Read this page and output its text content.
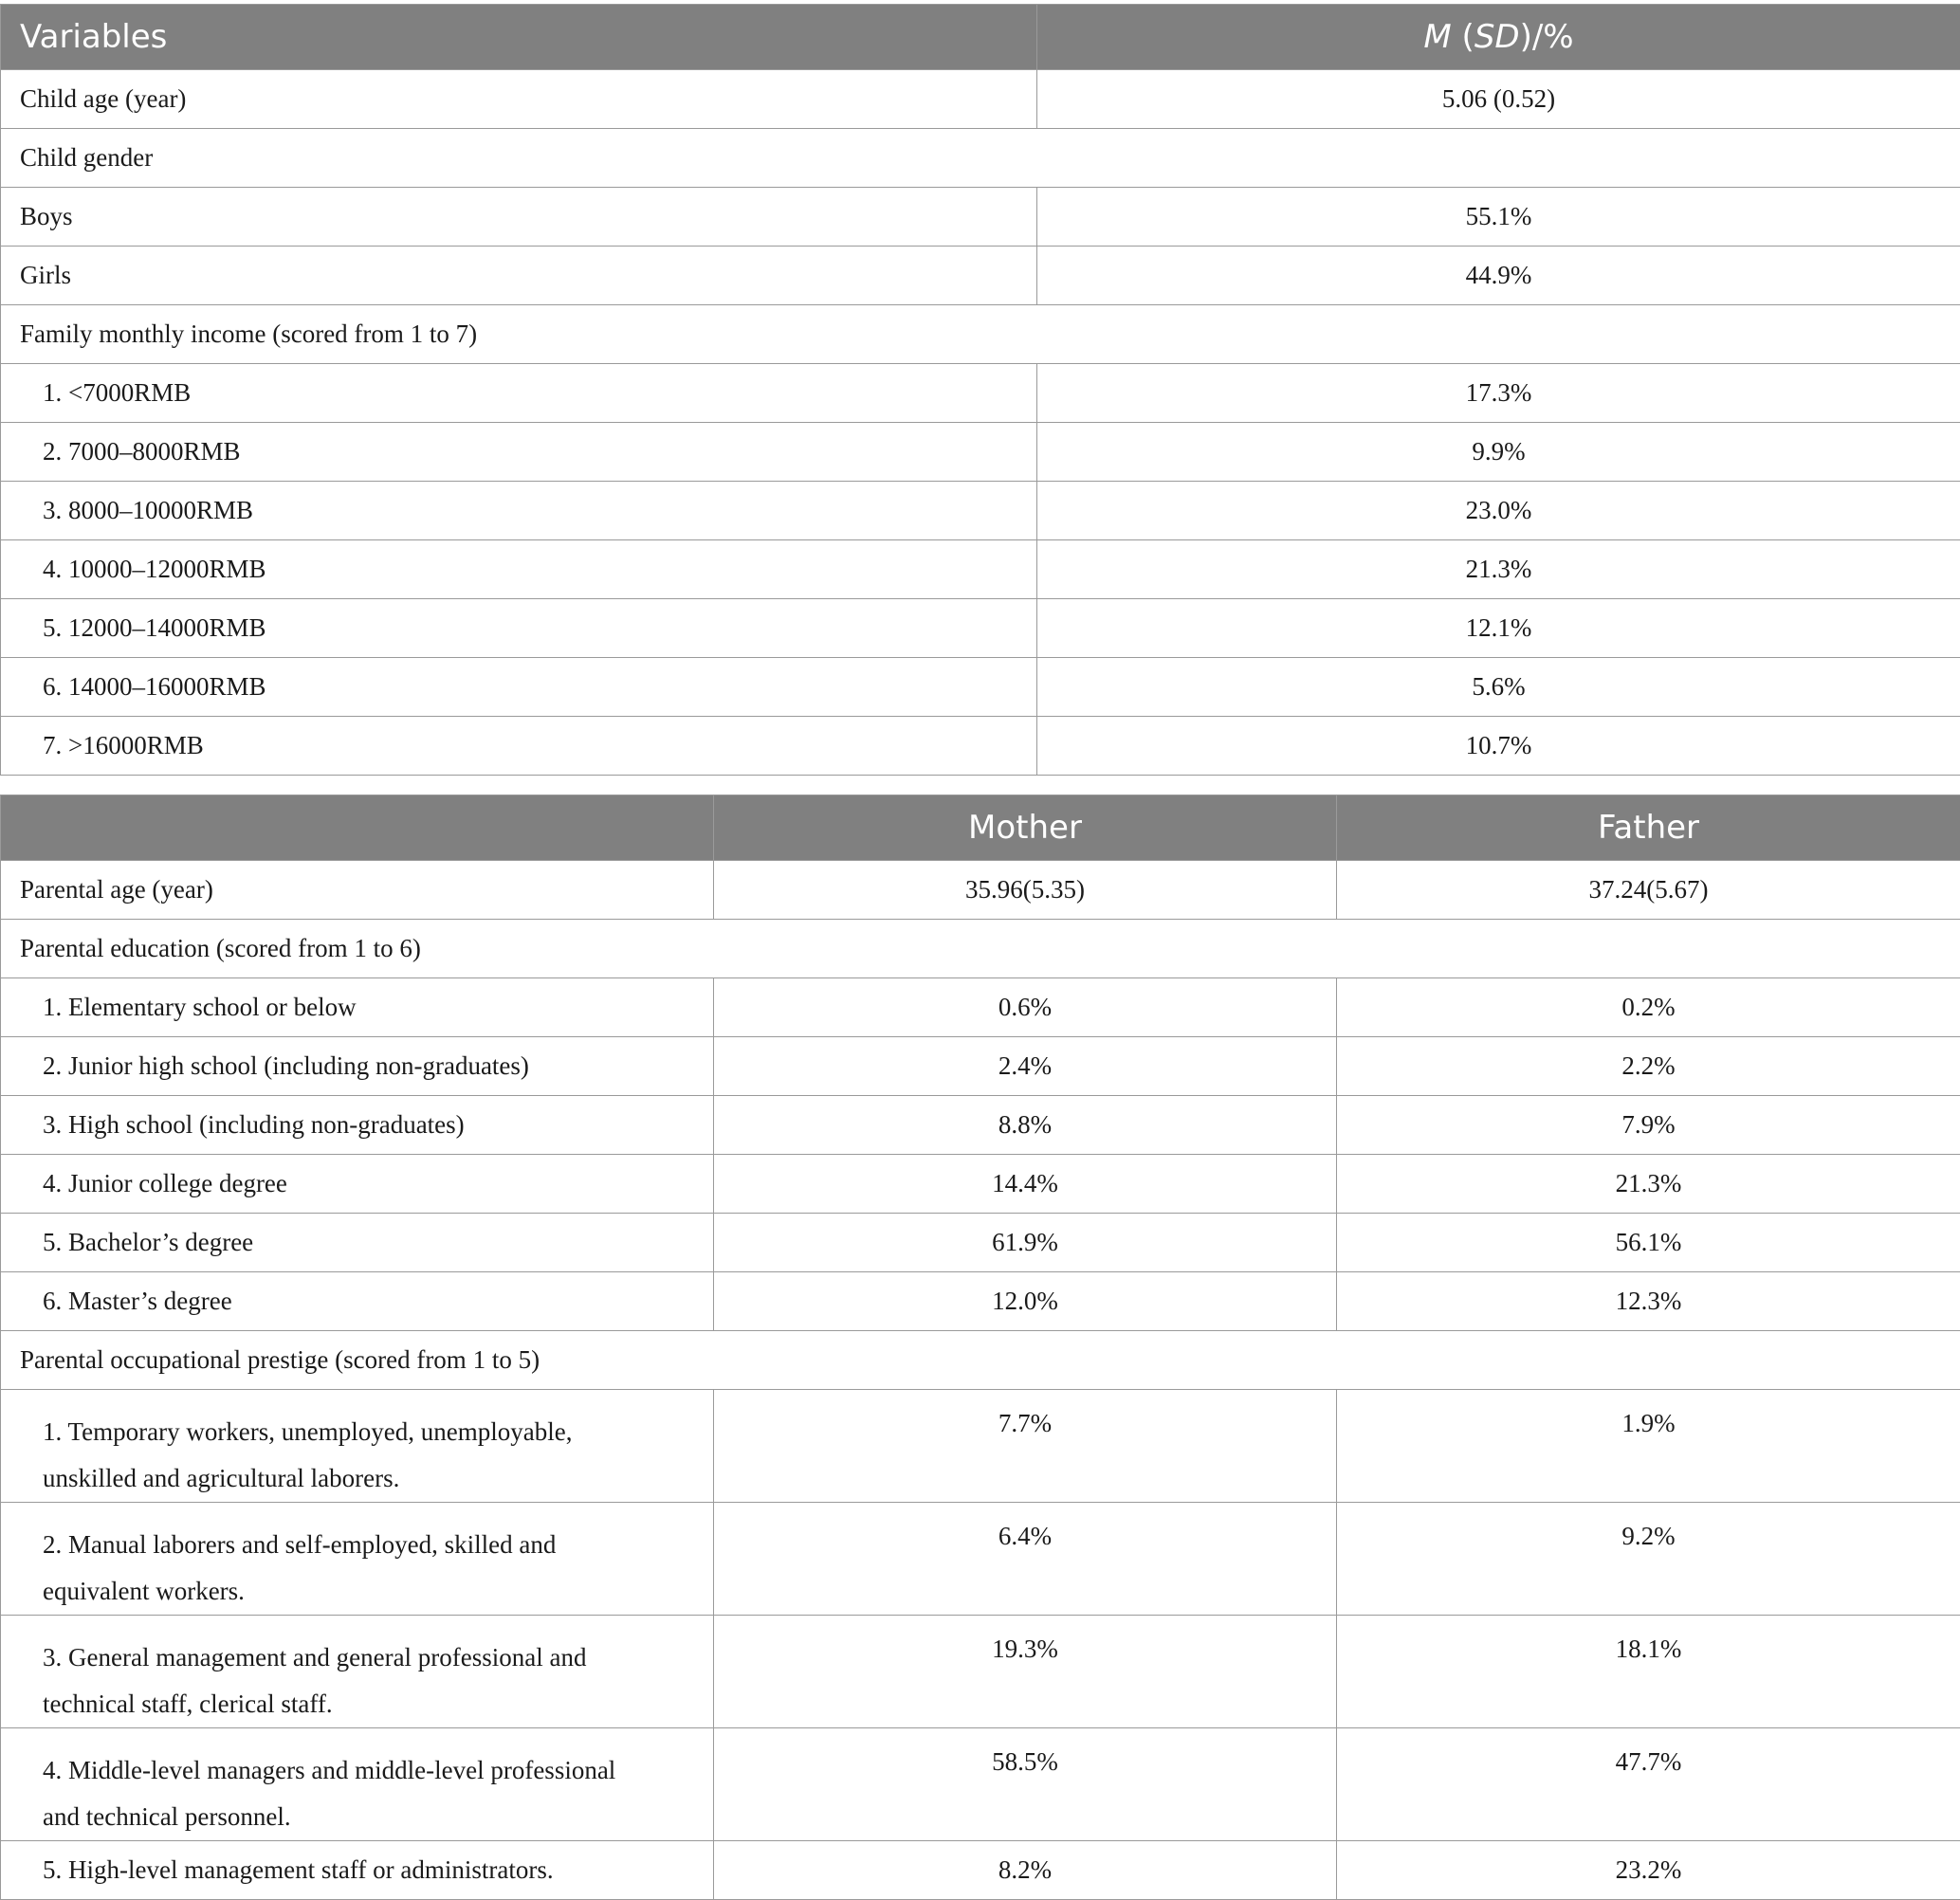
Variables	M (SD)/%
Child age (year)	5.06 (0.52)
Child gender	
Boys	55.1%
Girls	44.9%
Family monthly income (scored from 1 to 7)	
1. <7000RMB	17.3%
2. 7000–8000RMB	9.9%
3. 8000–10000RMB	23.0%
4. 10000–12000RMB	21.3%
5. 12000–14000RMB	12.1%
6. 14000–16000RMB	5.6%
7. >16000RMB	10.7%
	Mother	Father
Parental age (year)	35.96(5.35)	37.24(5.67)
Parental education (scored from 1 to 6)		
1. Elementary school or below	0.6%	0.2%
2. Junior high school (including non-graduates)	2.4%	2.2%
3. High school (including non-graduates)	8.8%	7.9%
4. Junior college degree	14.4%	21.3%
5. Bachelor’s degree	61.9%	56.1%
6. Master’s degree	12.0%	12.3%
Parental occupational prestige (scored from 1 to 5)		
1. Temporary workers, unemployed, unemployable,
unskilled and agricultural laborers.	7.7%	1.9%
2. Manual laborers and self-employed, skilled and
equivalent workers.	6.4%	9.2%
3. General management and general professional and
technical staff, clerical staff.	19.3%	18.1%
4. Middle-level managers and middle-level professional
and technical personnel.	58.5%	47.7%
5. High-level management staff or administrators.	8.2%	23.2%
